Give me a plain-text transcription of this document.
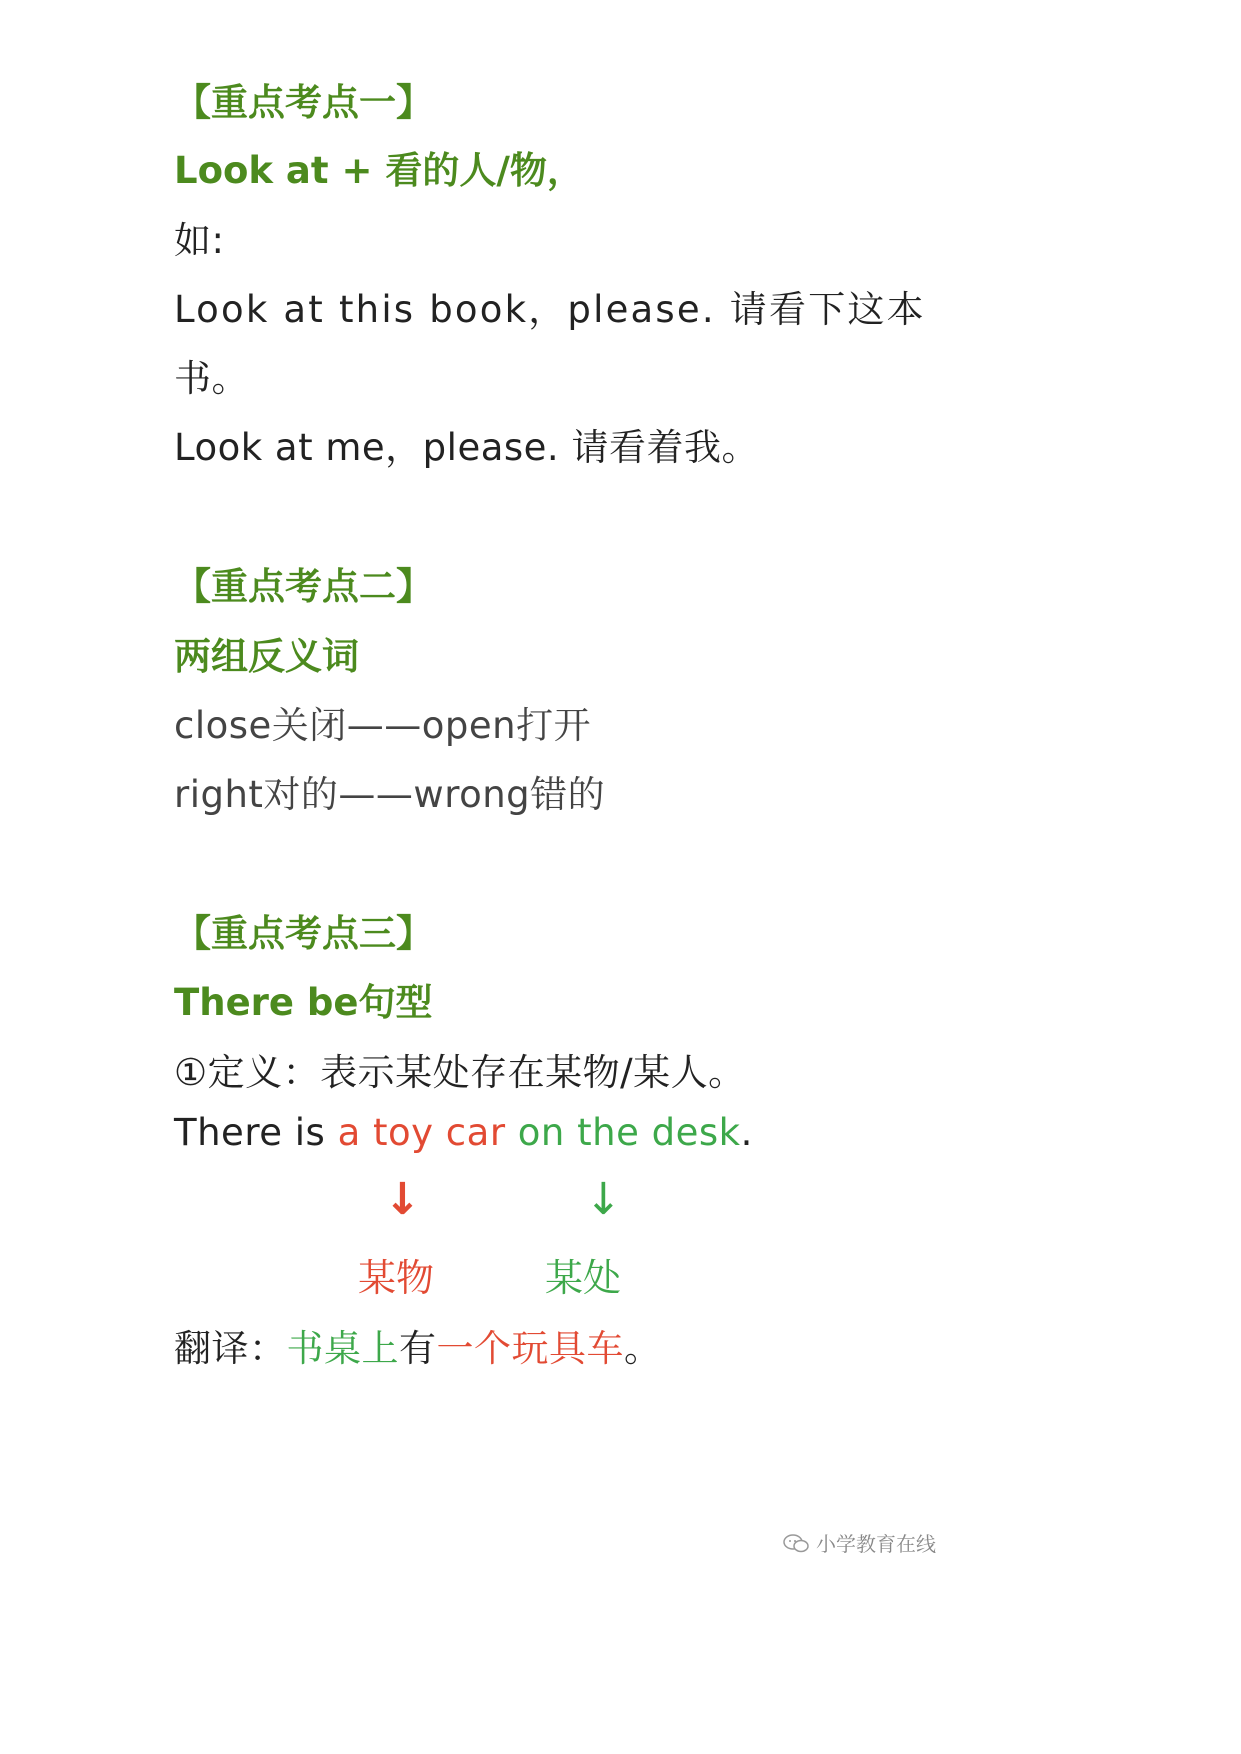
【重点考点一】
Look at + 看的人/物，
如:
Look at this book，please. 请看下这本
书。
Look at me，please. 请看着我。
【重点考点二】
两组反义词
close关闭——open打开
right对的——wrong错的
【重点考点三】
There be句型
①定义：表示某处存在某物/某人。
There is a toy car on the desk.
↓	↓
某物	某处
翻译：书桌上有一个玩具车。
小学教育在线
